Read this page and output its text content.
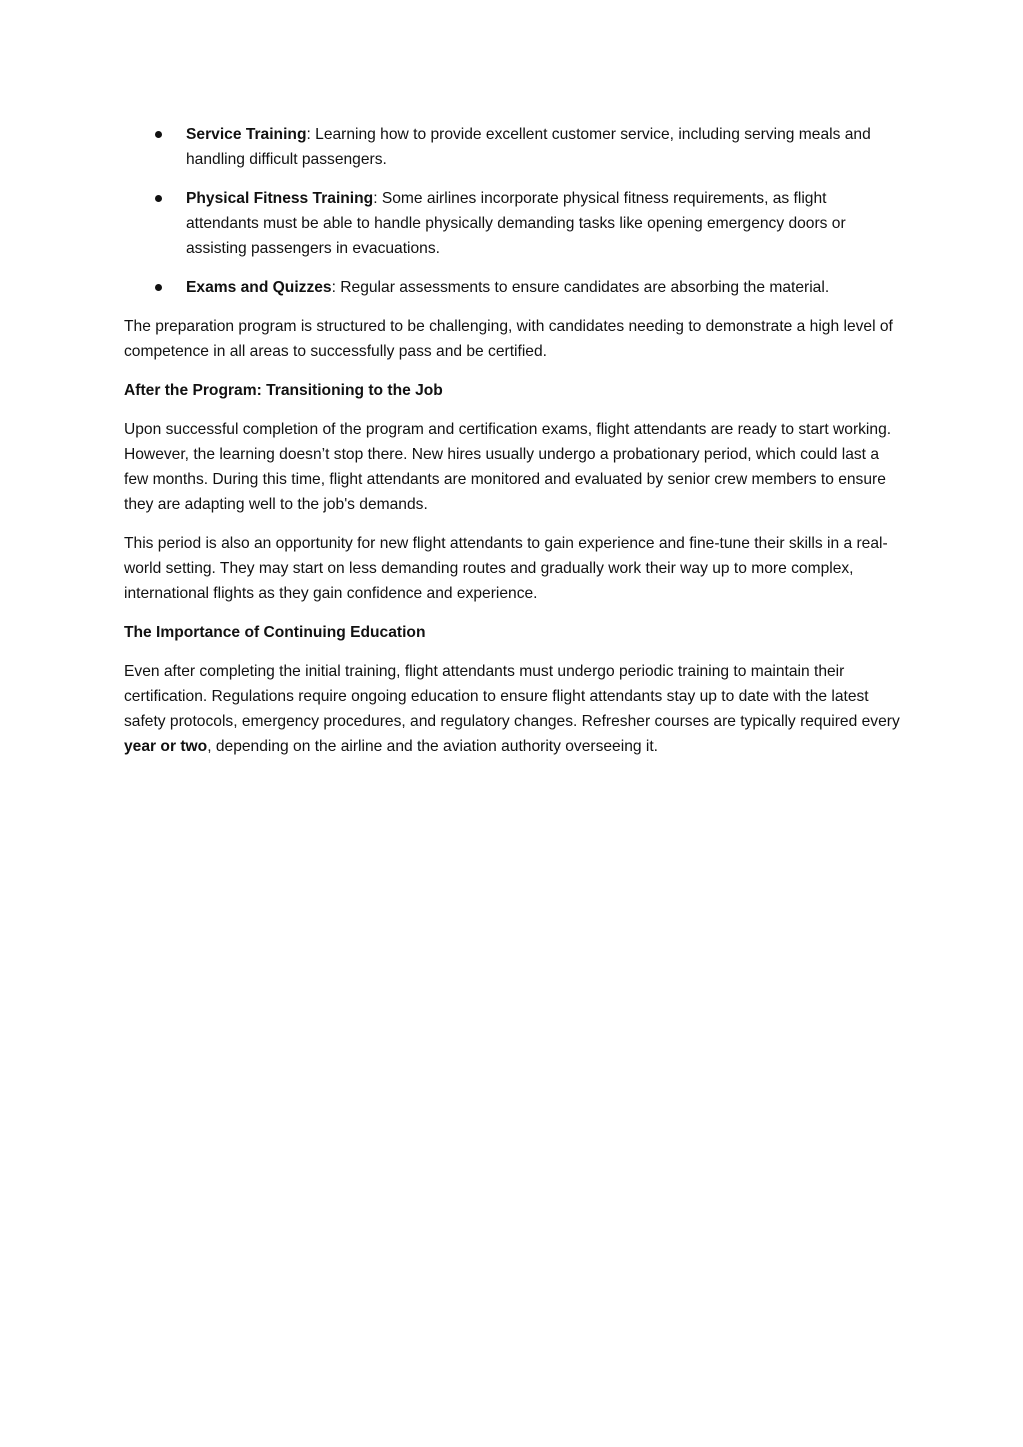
Service Training: Learning how to provide excellent customer service, including serving meals and handling difficult passengers.
Physical Fitness Training: Some airlines incorporate physical fitness requirements, as flight attendants must be able to handle physically demanding tasks like opening emergency doors or assisting passengers in evacuations.
Exams and Quizzes: Regular assessments to ensure candidates are absorbing the material.

The preparation program is structured to be challenging, with candidates needing to demonstrate a high level of competence in all areas to successfully pass and be certified.

After the Program: Transitioning to the Job

Upon successful completion of the program and certification exams, flight attendants are ready to start working. However, the learning doesn’t stop there. New hires usually undergo a probationary period, which could last a few months. During this time, flight attendants are monitored and evaluated by senior crew members to ensure they are adapting well to the job's demands.

This period is also an opportunity for new flight attendants to gain experience and fine-tune their skills in a real-world setting. They may start on less demanding routes and gradually work their way up to more complex, international flights as they gain confidence and experience.

The Importance of Continuing Education

Even after completing the initial training, flight attendants must undergo periodic training to maintain their certification. Regulations require ongoing education to ensure flight attendants stay up to date with the latest safety protocols, emergency procedures, and regulatory changes. Refresher courses are typically required every year or two, depending on the airline and the aviation authority overseeing it.
